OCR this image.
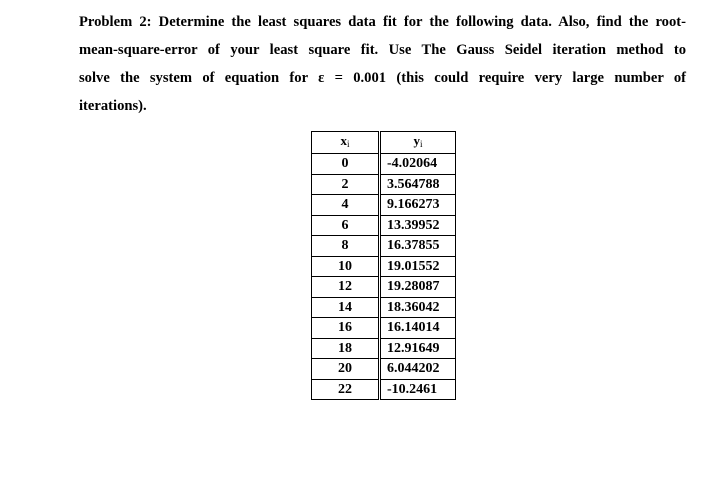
Problem 2: Determine the least squares data fit for the following data. Also, find the root-
mean-square-error of your least square fit. Use The Gauss Seidel iteration method to
solve the system of equation for ε = 0.001 (this could require very large number of
iterations).
$x_i$	$y_i$
0	-4.02064
2	3.564788
4	9.166273
6	13.39952
8	16.37855
10	19.01552
12	19.28087
14	18.36042
16	16.14014
18	12.91649
20	6.044202
22	-10.2461
